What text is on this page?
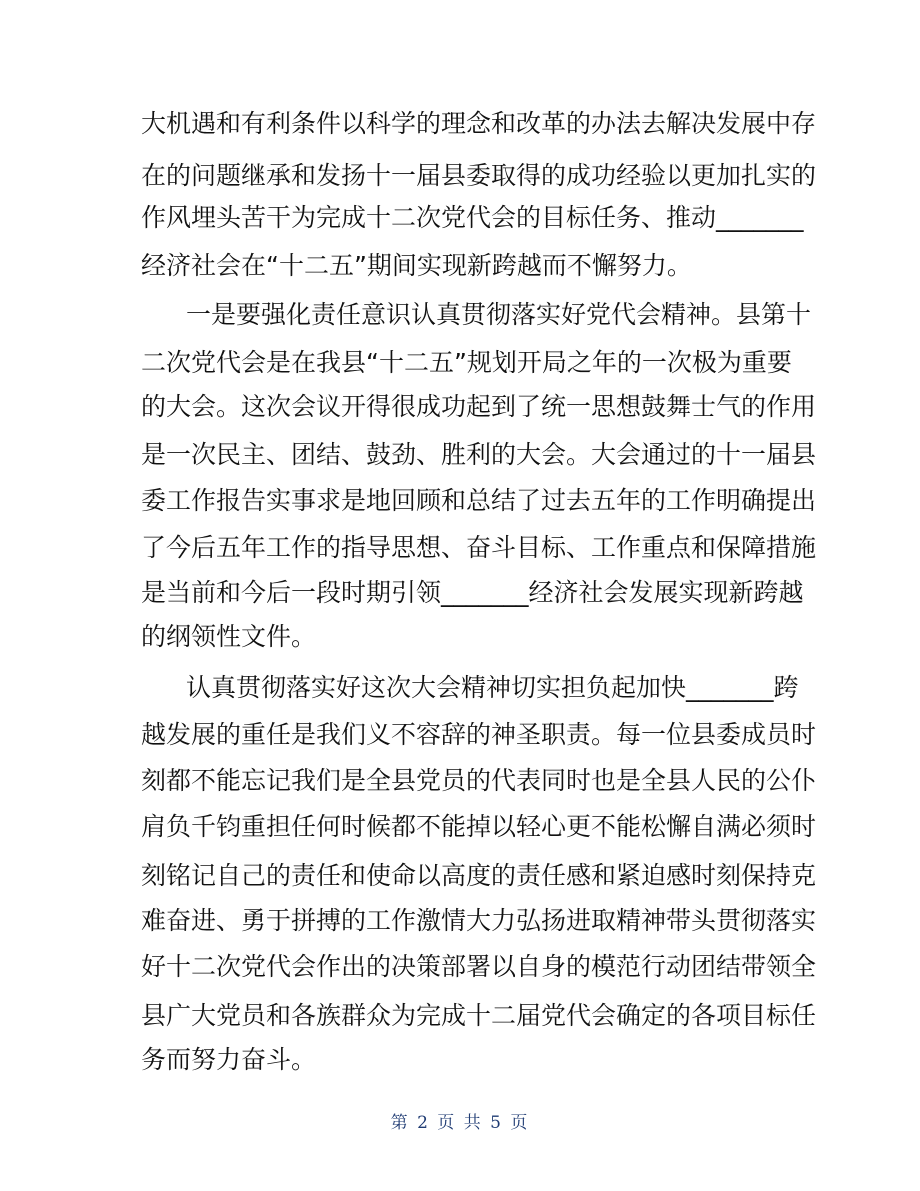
大机遇和有利条件以科学的理念和改革的办法去解决发展中存
在的问题继承和发扬十一届县委取得的成功经验以更加扎实的
作风埋头苦干为完成十二次党代会的目标任务、推动_______
经济社会在“十二五”期间实现新跨越而不懈努力。
一是要强化责任意识认真贯彻落实好党代会精神。县第十
二次党代会是在我县“十二五”规划开局之年的一次极为重要
的大会。这次会议开得很成功起到了统一思想鼓舞士气的作用
是一次民主、团结、鼓劲、胜利的大会。大会通过的十一届县
委工作报告实事求是地回顾和总结了过去五年的工作明确提出
了今后五年工作的指导思想、奋斗目标、工作重点和保障措施
是当前和今后一段时期引领_______经济社会发展实现新跨越
的纲领性文件。
认真贯彻落实好这次大会精神切实担负起加快_______跨
越发展的重任是我们义不容辞的神圣职责。每一位县委成员时
刻都不能忘记我们是全县党员的代表同时也是全县人民的公仆
肩负千钧重担任何时候都不能掉以轻心更不能松懈自满必须时
刻铭记自己的责任和使命以高度的责任感和紧迫感时刻保持克
难奋进、勇于拼搏的工作激情大力弘扬进取精神带头贯彻落实
好十二次党代会作出的决策部署以自身的模范行动团结带领全
县广大党员和各族群众为完成十二届党代会确定的各项目标任
务而努力奋斗。
第 2 页 共 5 页
